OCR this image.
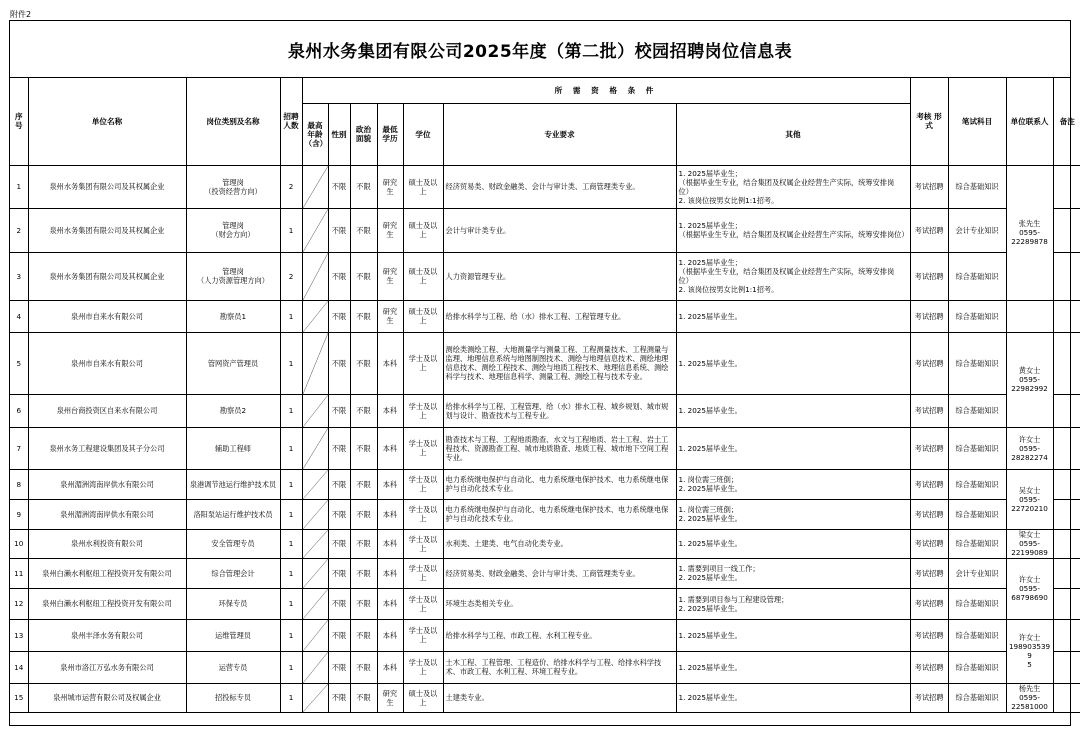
附件2
泉州水务集团有限公司2025年度（第二批）校园招聘岗位信息表
序号	单位名称	岗位类别及名称	招聘人数	所 需 资 格 条 件							考核 形式	笔试科目	单位联系人	备注
				最高年龄（含）	性别	政治面貌	最低学历	学位	专业要求	其他				
1	泉州水务集团有限公司及其权属企业	管理岗
（投资经营方向）	2		不限	不限	研究生	硕士及以上	经济贸易类、财政金融类、会计与审计类、工商管理类专业。	1. 2025届毕业生；
（根据毕业生专业，结合集团及权属企业经营生产实际，统筹安排岗位）
2. 该岗位按男女比例1:1招考。	考试招聘	综合基础知识	张先生
0595-
22289878	
2	泉州水务集团有限公司及其权属企业	管理岗
（财会方向）	1		不限	不限	研究生	硕士及以上	会计与审计类专业。	1. 2025届毕业生；
（根据毕业生专业，结合集团及权属企业经营生产实际，统筹安排岗位）	考试招聘	会计专业知识		
3	泉州水务集团有限公司及其权属企业	管理岗
（人力资源管理方向）	2		不限	不限	研究生	硕士及以上	人力资源管理专业。	1. 2025届毕业生；
（根据毕业生专业，结合集团及权属企业经营生产实际，统筹安排岗位）
2. 该岗位按男女比例1:1招考。	考试招聘	综合基础知识		
4	泉州市自来水有限公司	勘察员1	1		不限	不限	研究生	硕士及以上	给排水科学与工程、给（水）排水工程、工程管理专业。	1. 2025届毕业生。	考试招聘	综合基础知识		
5	泉州市自来水有限公司	管网资产管理员	1		不限	不限	本科	学士及以上	测绘类测绘工程、大地测量学与测量工程、工程测量技术、工程测量与监理、地理信息系统与地图制图技术、测绘与地理信息技术、测绘地理信息技术、测绘工程技术、测绘与地质工程技术、地理信息系统、测绘科学与技术、地理信息科学、测量工程、测绘工程与技术专业。	1. 2025届毕业生。	考试招聘	综合基础知识	黄女士
0595-
22982992	
6	泉州台商投资区自来水有限公司	勘察员2	1		不限	不限	本科	学士及以上	给排水科学与工程、工程管理、给（水）排水工程、城乡规划、城市规划与设计、勘查技术与工程专业。	1. 2025届毕业生。	考试招聘	综合基础知识		
7	泉州水务工程建设集团及其子分公司	辅助工程师	1		不限	不限	本科	学士及以上	勘查技术与工程、工程地质勘查、水文与工程地质、岩土工程、岩土工程技术、资源勘查工程、城市地质勘查、地质工程、城市地下空间工程专业。	1. 2025届毕业生。	考试招聘	综合基础知识	许女士
0595-
28282274	
8	泉州湄洲湾南岸供水有限公司	泉港调节池运行维护技术员	1		不限	不限	本科	学士及以上	电力系统继电保护与自动化、电力系统继电保护技术、电力系统继电保护与自动化技术专业。	1. 岗位需三班倒；
2. 2025届毕业生。	考试招聘	综合基础知识	吴女士
0595-
22720210	
9	泉州湄洲湾南岸供水有限公司	洛阳泵站运行维护技术员	1		不限	不限	本科	学士及以上	电力系统继电保护与自动化、电力系统继电保护技术、电力系统继电保护与自动化技术专业。	1. 岗位需三班倒；
2. 2025届毕业生。	考试招聘	综合基础知识		
10	泉州水利投资有限公司	安全管理专员	1		不限	不限	本科	学士及以上	水利类、土建类、电气自动化类专业。	1. 2025届毕业生。	考试招聘	综合基础知识	梁女士
0595-
22199089	
11	泉州白濑水利枢纽工程投资开发有限公司	综合管理会计	1		不限	不限	本科	学士及以上	经济贸易类、财政金融类、会计与审计类、工商管理类专业。	1. 需要到项目一线工作；
2. 2025届毕业生。	考试招聘	会计专业知识	许女士
0595-
68798690	
12	泉州白濑水利枢纽工程投资开发有限公司	环保专员	1		不限	不限	本科	学士及以上	环境生态类相关专业。	1. 需要到项目参与工程建设管理；
2. 2025届毕业生。	考试招聘	综合基础知识		
13	泉州丰泽水务有限公司	运维管理员	1		不限	不限	本科	学士及以上	给排水科学与工程、市政工程、水利工程专业。	1. 2025届毕业生。	考试招聘	综合基础知识	许女士
1989035399
5	
14	泉州市洛江万弘水务有限公司	运营专员	1		不限	不限	本科	学士及以上	土木工程、工程管理、工程造价、给排水科学与工程、给排水科学技术、市政工程、水利工程、环境工程专业。	1. 2025届毕业生。	考试招聘	综合基础知识		
15	泉州城市运营有限公司及权属企业	招投标专员	1		不限	不限	研究生	硕士及以上	土建类专业。	1. 2025届毕业生。	考试招聘	综合基础知识	杨先生
0595-
22581000	
